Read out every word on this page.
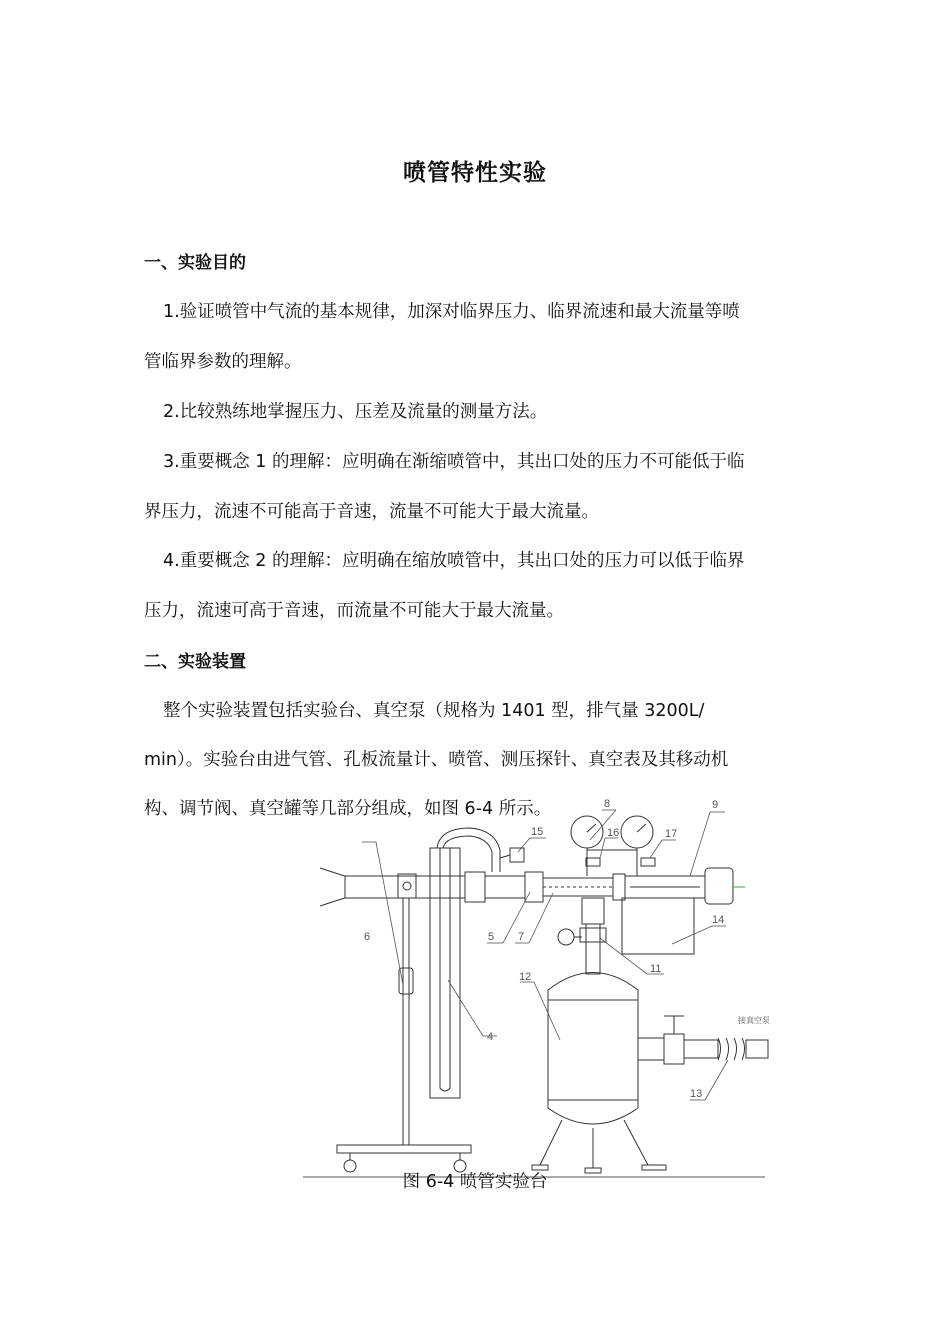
喷管特性实验
一、实验目的
1.验证喷管中气流的基本规律，加深对临界压力、临界流速和最大流量等喷
管临界参数的理解。
2.比较熟练地掌握压力、压差及流量的测量方法。
3.重要概念 1 的理解：应明确在渐缩喷管中，其出口处的压力不可能低于临
界压力，流速不可能高于音速，流量不可能大于最大流量。
4.重要概念 2 的理解：应明确在缩放喷管中，其出口处的压力可以低于临界
压力，流速可高于音速，而流量不可能大于最大流量。
二、实验装置
整个实验装置包括实验台、真空泵（规格为 1401 型，排气量 3200L/
min）。实验台由进气管、孔板流量计、喷管、测压探针、真空表及其移动机
构、调节阀、真空罐等几部分组成，如图 6-4 所示。
6
4
5 7
8	9
11
12
13
14
15	16	17
接真空泵
图 6-4 喷管实验台
